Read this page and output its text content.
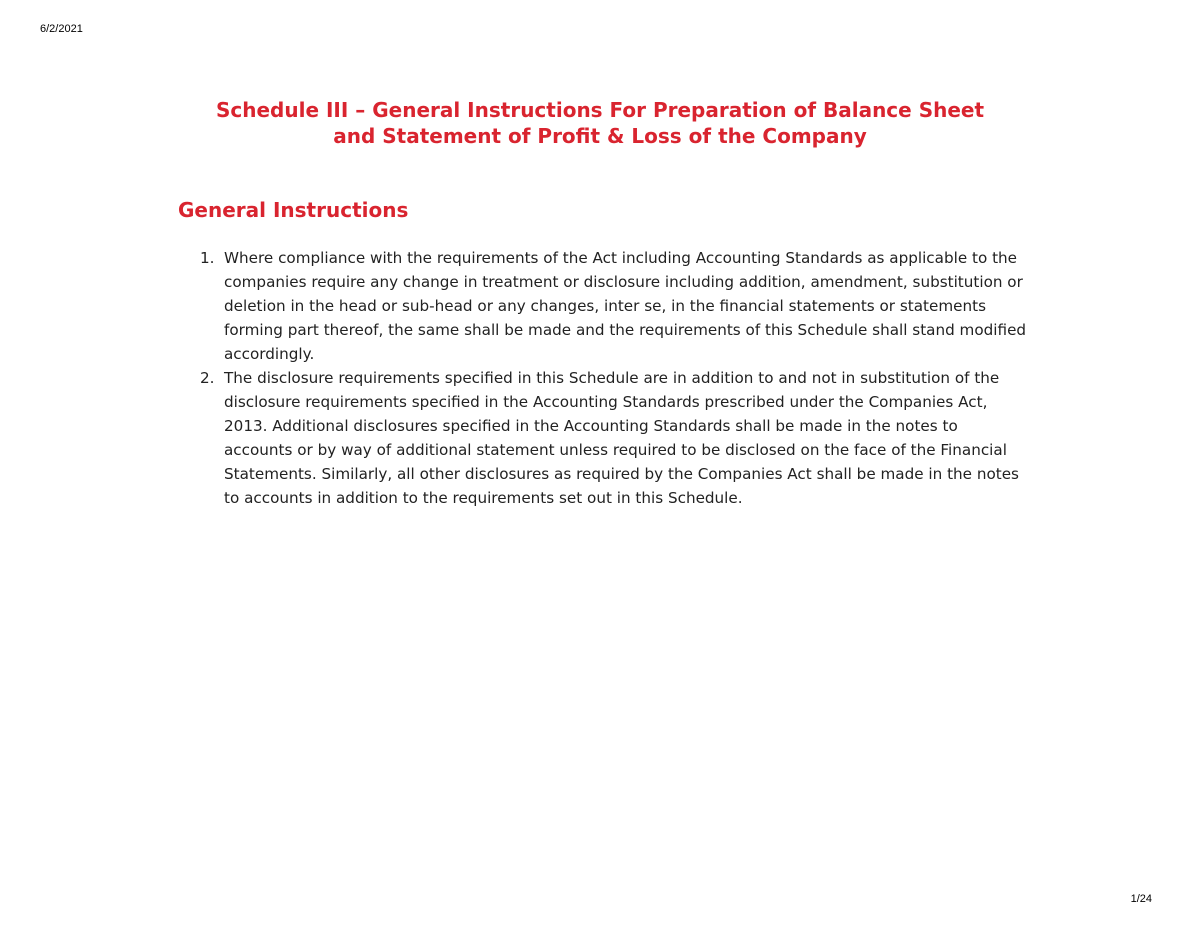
6/2/2021
Schedule III – General Instructions For Preparation of Balance Sheet
and Statement of Profit & Loss of the Company
General Instructions
1. Where compliance with the requirements of the Act including Accounting Standards as applicable to the companies require any change in treatment or disclosure including addition, amendment, substitution or deletion in the head or sub-head or any changes, inter se, in the financial statements or statements forming part thereof, the same shall be made and the requirements of this Schedule shall stand modified accordingly.
2. The disclosure requirements specified in this Schedule are in addition to and not in substitution of the disclosure requirements specified in the Accounting Standards prescribed under the Companies Act, 2013. Additional disclosures specified in the Accounting Standards shall be made in the notes to accounts or by way of additional statement unless required to be disclosed on the face of the Financial Statements. Similarly, all other disclosures as required by the Companies Act shall be made in the notes to accounts in addition to the requirements set out in this Schedule.
1/24
